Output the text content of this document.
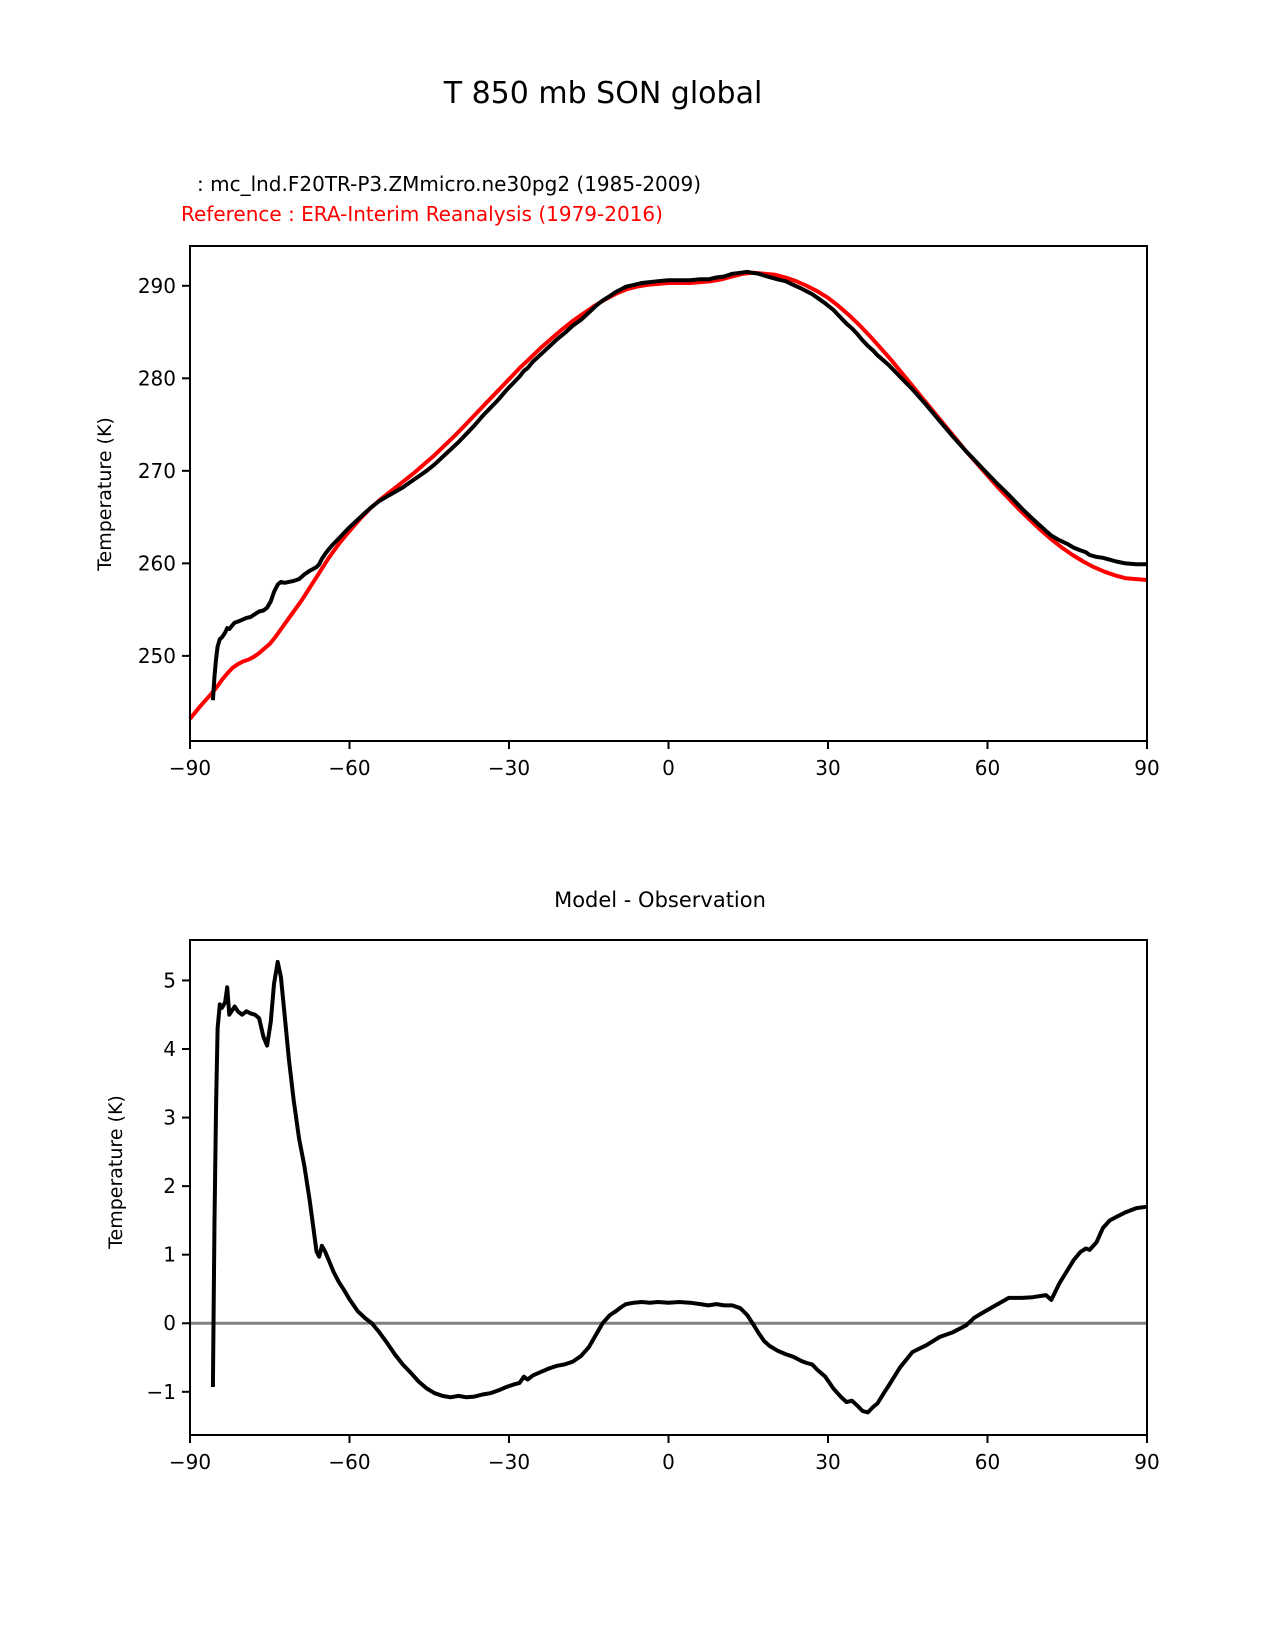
T 850 mb SON global
: mc_lnd.F20TR-P3.ZMmicro.ne30pg2 (1985-2009)
Reference : ERA-Interim Reanalysis (1979-2016)
Temperature (K)
Model - Observation
Temperature (K)
−90	−60	−30	0	30	60	90
250
260
270
280
290
−90	−60	−30	0	30	60	90
−1
0
1
2
3
4
5
